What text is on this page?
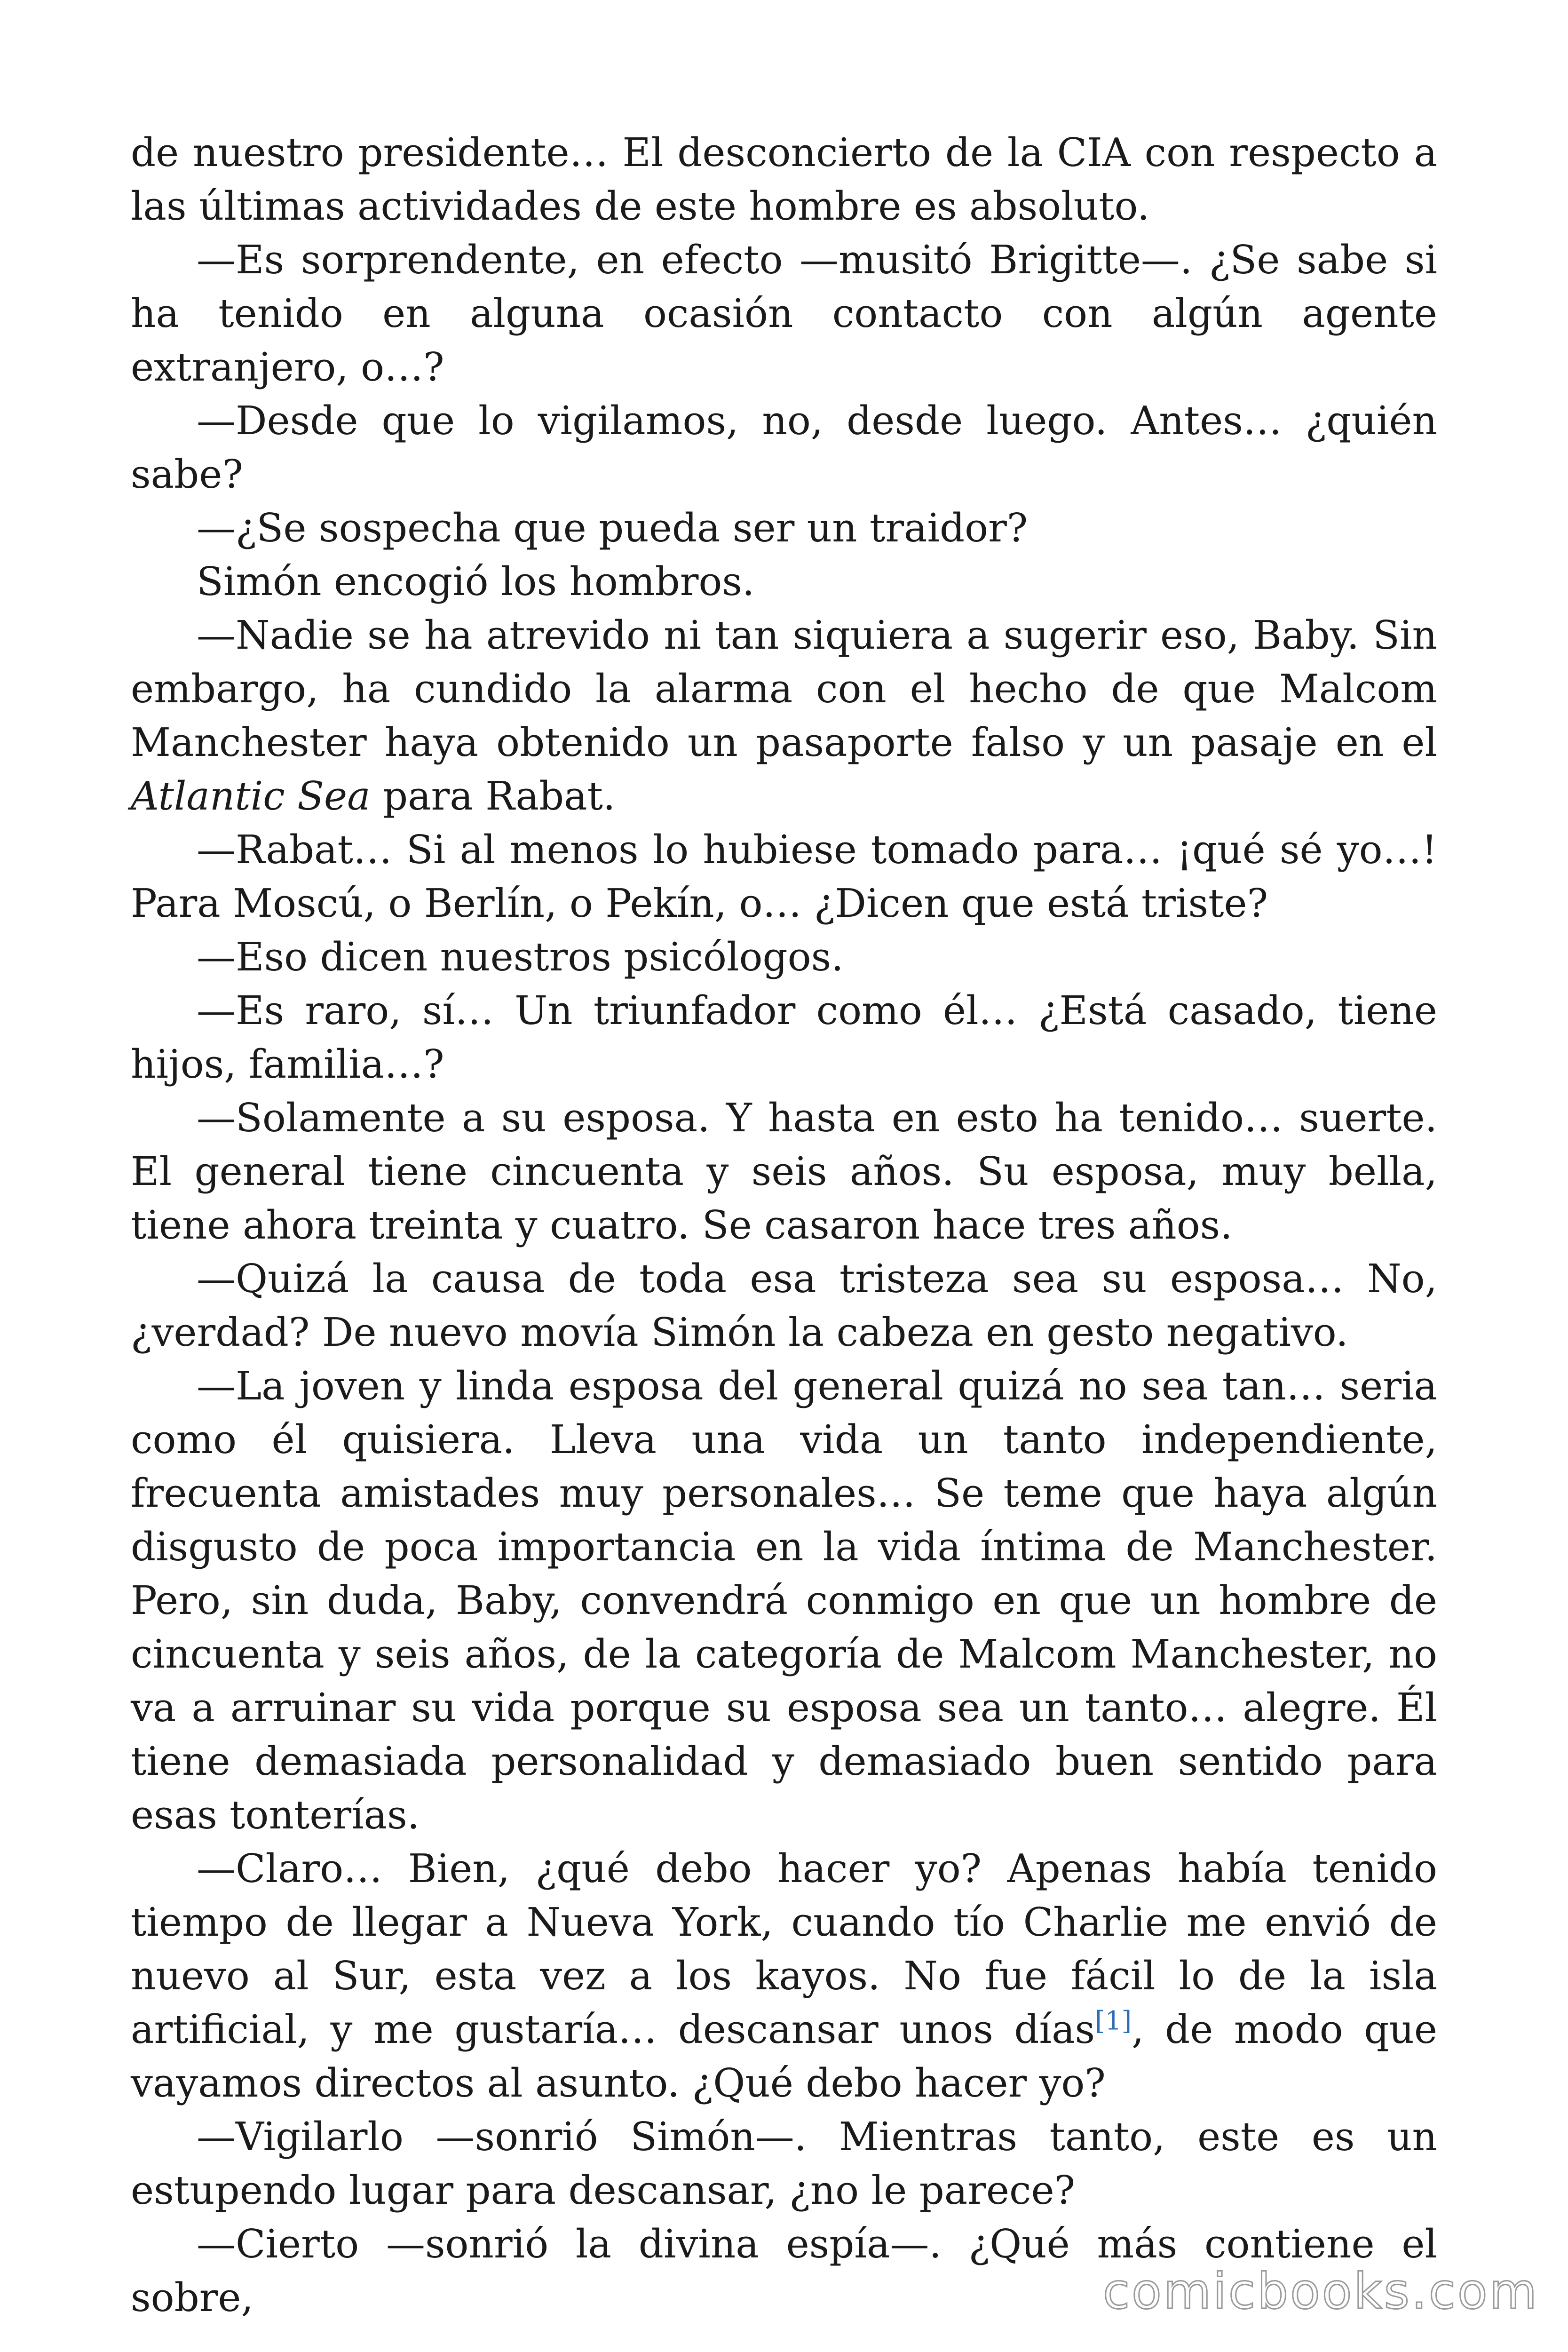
de nuestro presidente… El desconcierto de la CIA con respecto a las últimas actividades de este hombre es absoluto.

—Es sorprendente, en efecto —musitó Brigitte—. ¿Se sabe si ha tenido en alguna ocasión contacto con algún agente extranjero, o…?

—Desde que lo vigilamos, no, desde luego. Antes… ¿quién sabe?

—¿Se sospecha que pueda ser un traidor?

Simón encogió los hombros.

—Nadie se ha atrevido ni tan siquiera a sugerir eso, Baby. Sin embargo, ha cundido la alarma con el hecho de que Malcom Manchester haya obtenido un pasaporte falso y un pasaje en el Atlantic Sea para Rabat.

—Rabat… Si al menos lo hubiese tomado para… ¡qué sé yo…! Para Moscú, o Berlín, o Pekín, o… ¿Dicen que está triste?

—Eso dicen nuestros psicólogos.

—Es raro, sí… Un triunfador como él… ¿Está casado, tiene hijos, familia…?

—Solamente a su esposa. Y hasta en esto ha tenido… suerte. El general tiene cincuenta y seis años. Su esposa, muy bella, tiene ahora treinta y cuatro. Se casaron hace tres años.

—Quizá la causa de toda esa tristeza sea su esposa… No, ¿verdad? De nuevo movía Simón la cabeza en gesto negativo.

—La joven y linda esposa del general quizá no sea tan… seria como él quisiera. Lleva una vida un tanto independiente, frecuenta amistades muy personales… Se teme que haya algún disgusto de poca importancia en la vida íntima de Manchester. Pero, sin duda, Baby, convendrá conmigo en que un hombre de cincuenta y seis años, de la categoría de Malcom Manchester, no va a arruinar su vida porque su esposa sea un tanto… alegre. Él tiene demasiada personalidad y demasiado buen sentido para esas tonterías.

—Claro… Bien, ¿qué debo hacer yo? Apenas había tenido tiempo de llegar a Nueva York, cuando tío Charlie me envió de nuevo al Sur, esta vez a los kayos. No fue fácil lo de la isla artificial, y me gustaría… descansar unos días[1], de modo que vayamos directos al asunto. ¿Qué debo hacer yo?

—Vigilarlo —sonrió Simón—. Mientras tanto, este es un estupendo lugar para descansar, ¿no le parece?

—Cierto —sonrió la divina espía—. ¿Qué más contiene el sobre,	comicbooks.com
